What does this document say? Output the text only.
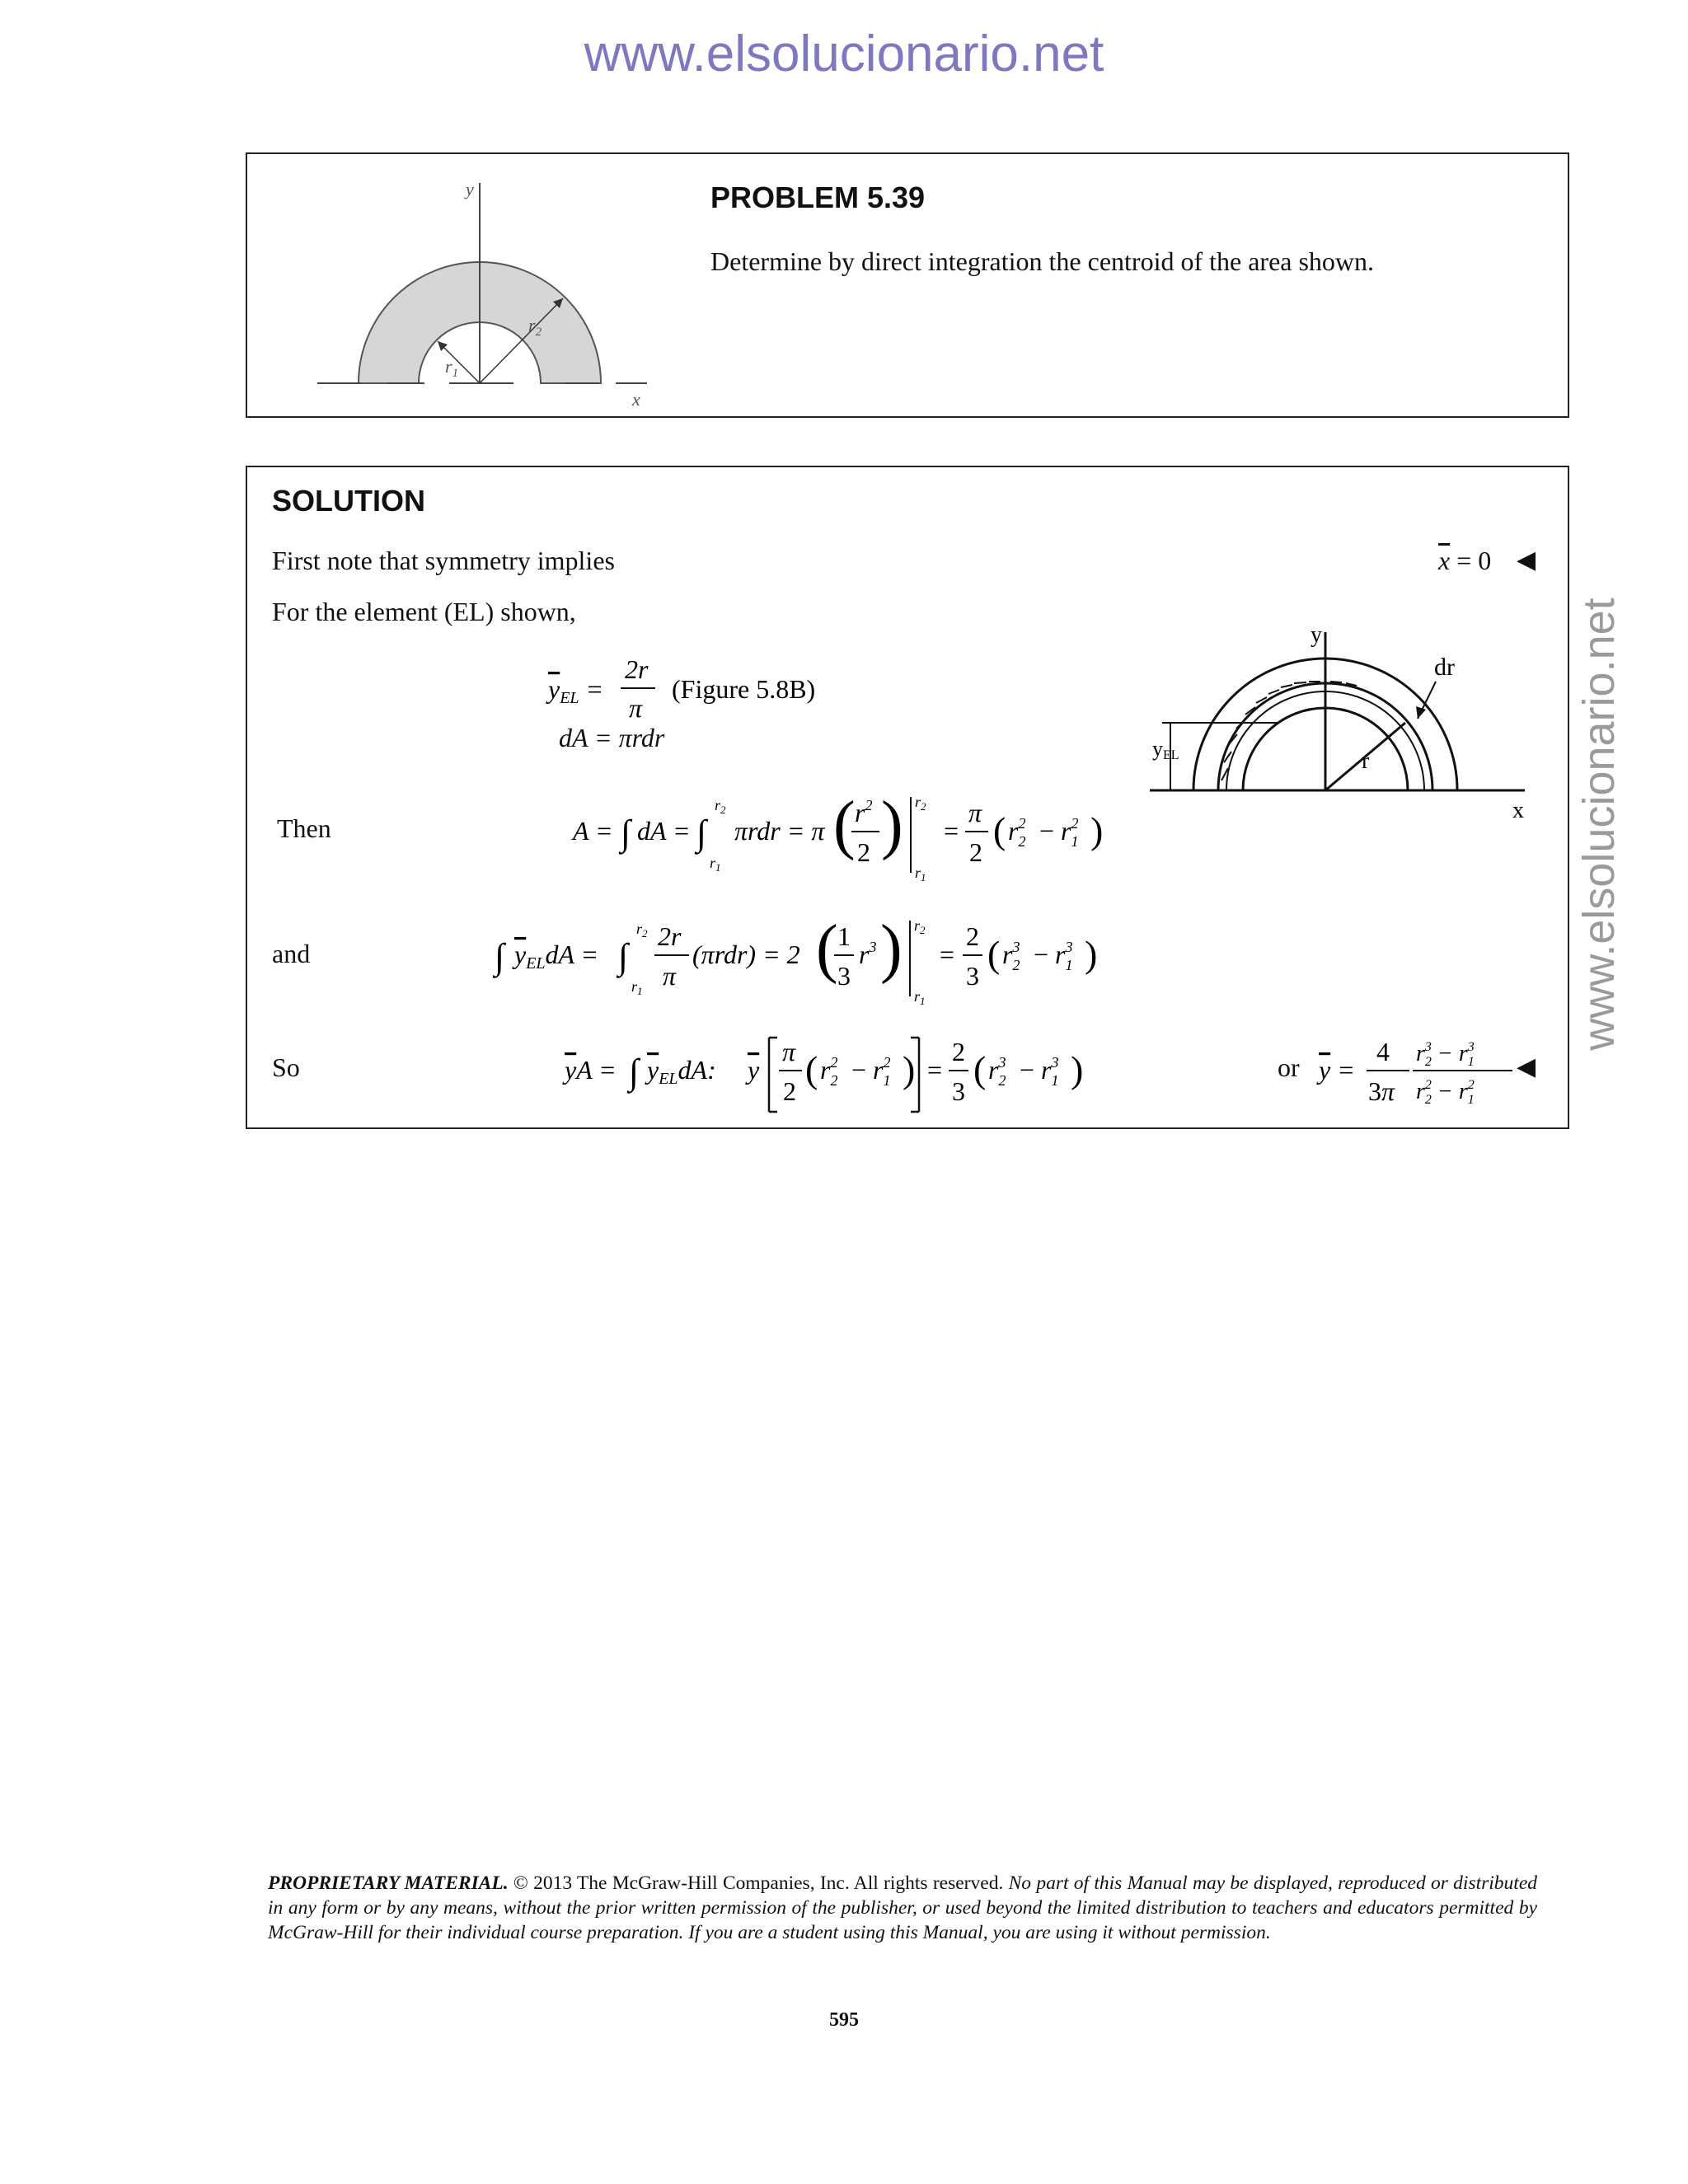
www.elsolucionario.net
www.elsolucionario.net
y
x
$r_1$
$r_2$
PROBLEM 5.39
Determine by direct integration the centroid of the area shown.
SOLUTION
First note that symmetry implies	$\overline{x} = 0$ ◀
For the element (EL) shown,
yEL =
2r
π
(Figure 5.8B)
dA = πrdr
y
x
dr
r
yEL
Then	A = ∫ dA = ∫
$r_2$
$r_1$
πrdr = π ( $r^2$
2 ) $r_2$
$r_1$
=
π
2
( $r^2$ $2 - r^2$ 1 )
and	∫ yELdA = ∫
$r_2$
$r_1$
2r
π
(πrdr) = 2 ( 1
3
$r^3$ ) $r_2$
$r_1$
=
2
3
( $r^3$ $2 - r^3$ 1 )
So	yA = ∫ yELdA: y
π
2
( $r^2$ $2 - r^2$ 1 ) =
2
3
( $r^3$ $2 - r^3$ 1 )	or y =
4
3π
$r^3$ $2 - r^3$ 1
$r^2$ $2 - r^2$ 1
◀
PROPRIETARY MATERIAL. © 2013 The McGraw-Hill Companies, Inc. All rights reserved. No part of this Manual may be displayed, reproduced or distributed in any form or by any means, without the prior written permission of the publisher, or used beyond the limited distribution to teachers and educators permitted by McGraw-Hill for their individual course preparation. If you are a student using this Manual, you are using it without permission.
595
